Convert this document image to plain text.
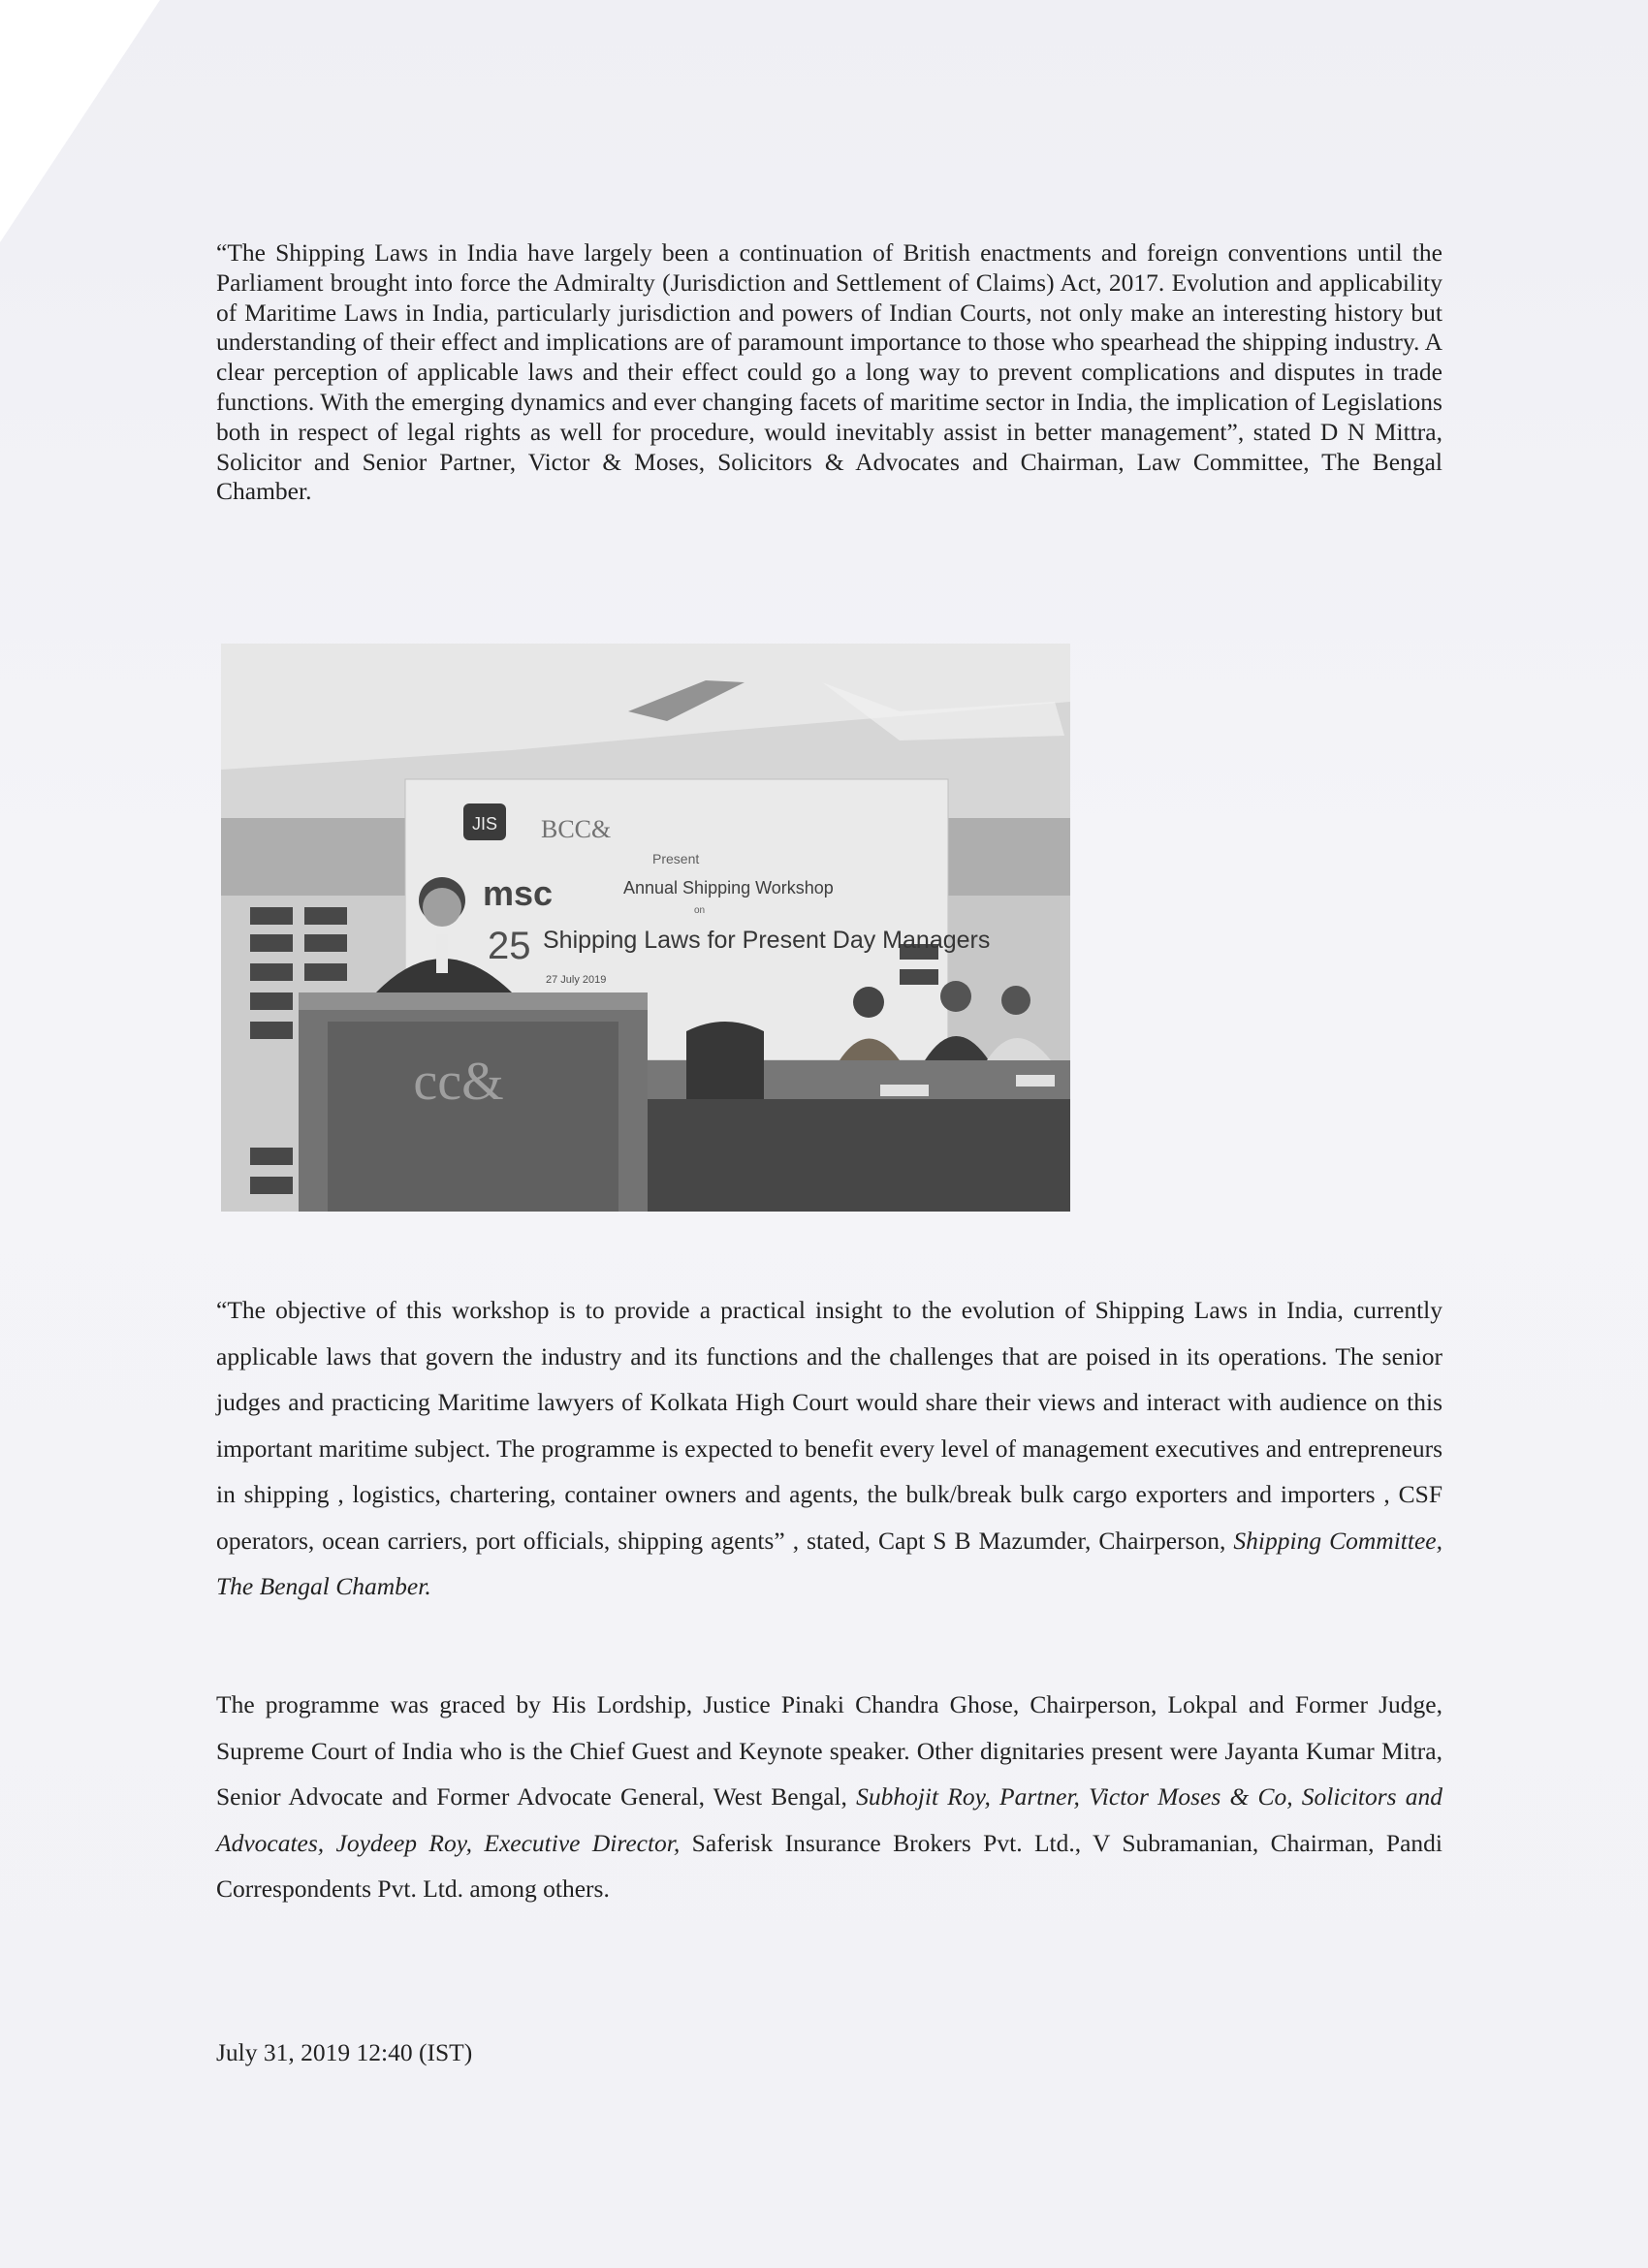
“The Shipping Laws in India have largely been a continuation of British enactments and foreign conventions until the Parliament brought into force the Admiralty (Jurisdiction and Settlement of Claims) Act, 2017. Evolution and applicability of Maritime Laws in India, particularly jurisdiction and powers of Indian Courts, not only make an interesting history but understanding of their effect and implications are of paramount importance to those who spearhead the shipping industry. A clear perception of applicable laws and their effect could go a long way to prevent complications and disputes in trade functions. With the emerging dynamics and ever changing facets of maritime sector in India, the implication of Legislations both in respect of legal rights as well for procedure, would inevitably assist in better management”, stated D N Mittra, Solicitor and Senior Partner, Victor & Moses, Solicitors & Advocates and Chairman, Law Committee, The Bengal Chamber.

JIS BCC&
msc
25
Present
Annual Shipping Workshop
on
Shipping Laws for Present Day Managers
27 July 2019
cc&

“The objective of this workshop is to provide a practical insight to the evolution of Shipping Laws in India, currently applicable laws that govern the industry and its functions and the challenges that are poised in its operations. The senior judges and practicing Maritime lawyers of Kolkata High Court would share their views and interact with audience on this important maritime subject. The programme is expected to benefit every level of management executives and entrepreneurs in shipping , logistics, chartering, container owners and agents, the bulk/break bulk cargo exporters and importers , CSF operators, ocean carriers, port officials, shipping agents” , stated, Capt S B Mazumder, Chairperson, Shipping Committee, The Bengal Chamber.

The programme was graced by His Lordship, Justice Pinaki Chandra Ghose, Chairperson, Lokpal and Former Judge, Supreme Court of India who is the Chief Guest and Keynote speaker. Other dignitaries present were Jayanta Kumar Mitra, Senior Advocate and Former Advocate General, West Bengal, Subhojit Roy, Partner, Victor Moses & Co, Solicitors and Advocates, Joydeep Roy, Executive Director, Saferisk Insurance Brokers Pvt. Ltd., V Subramanian, Chairman, Pandi Correspondents Pvt. Ltd. among others.

July 31, 2019 12:40 (IST)
